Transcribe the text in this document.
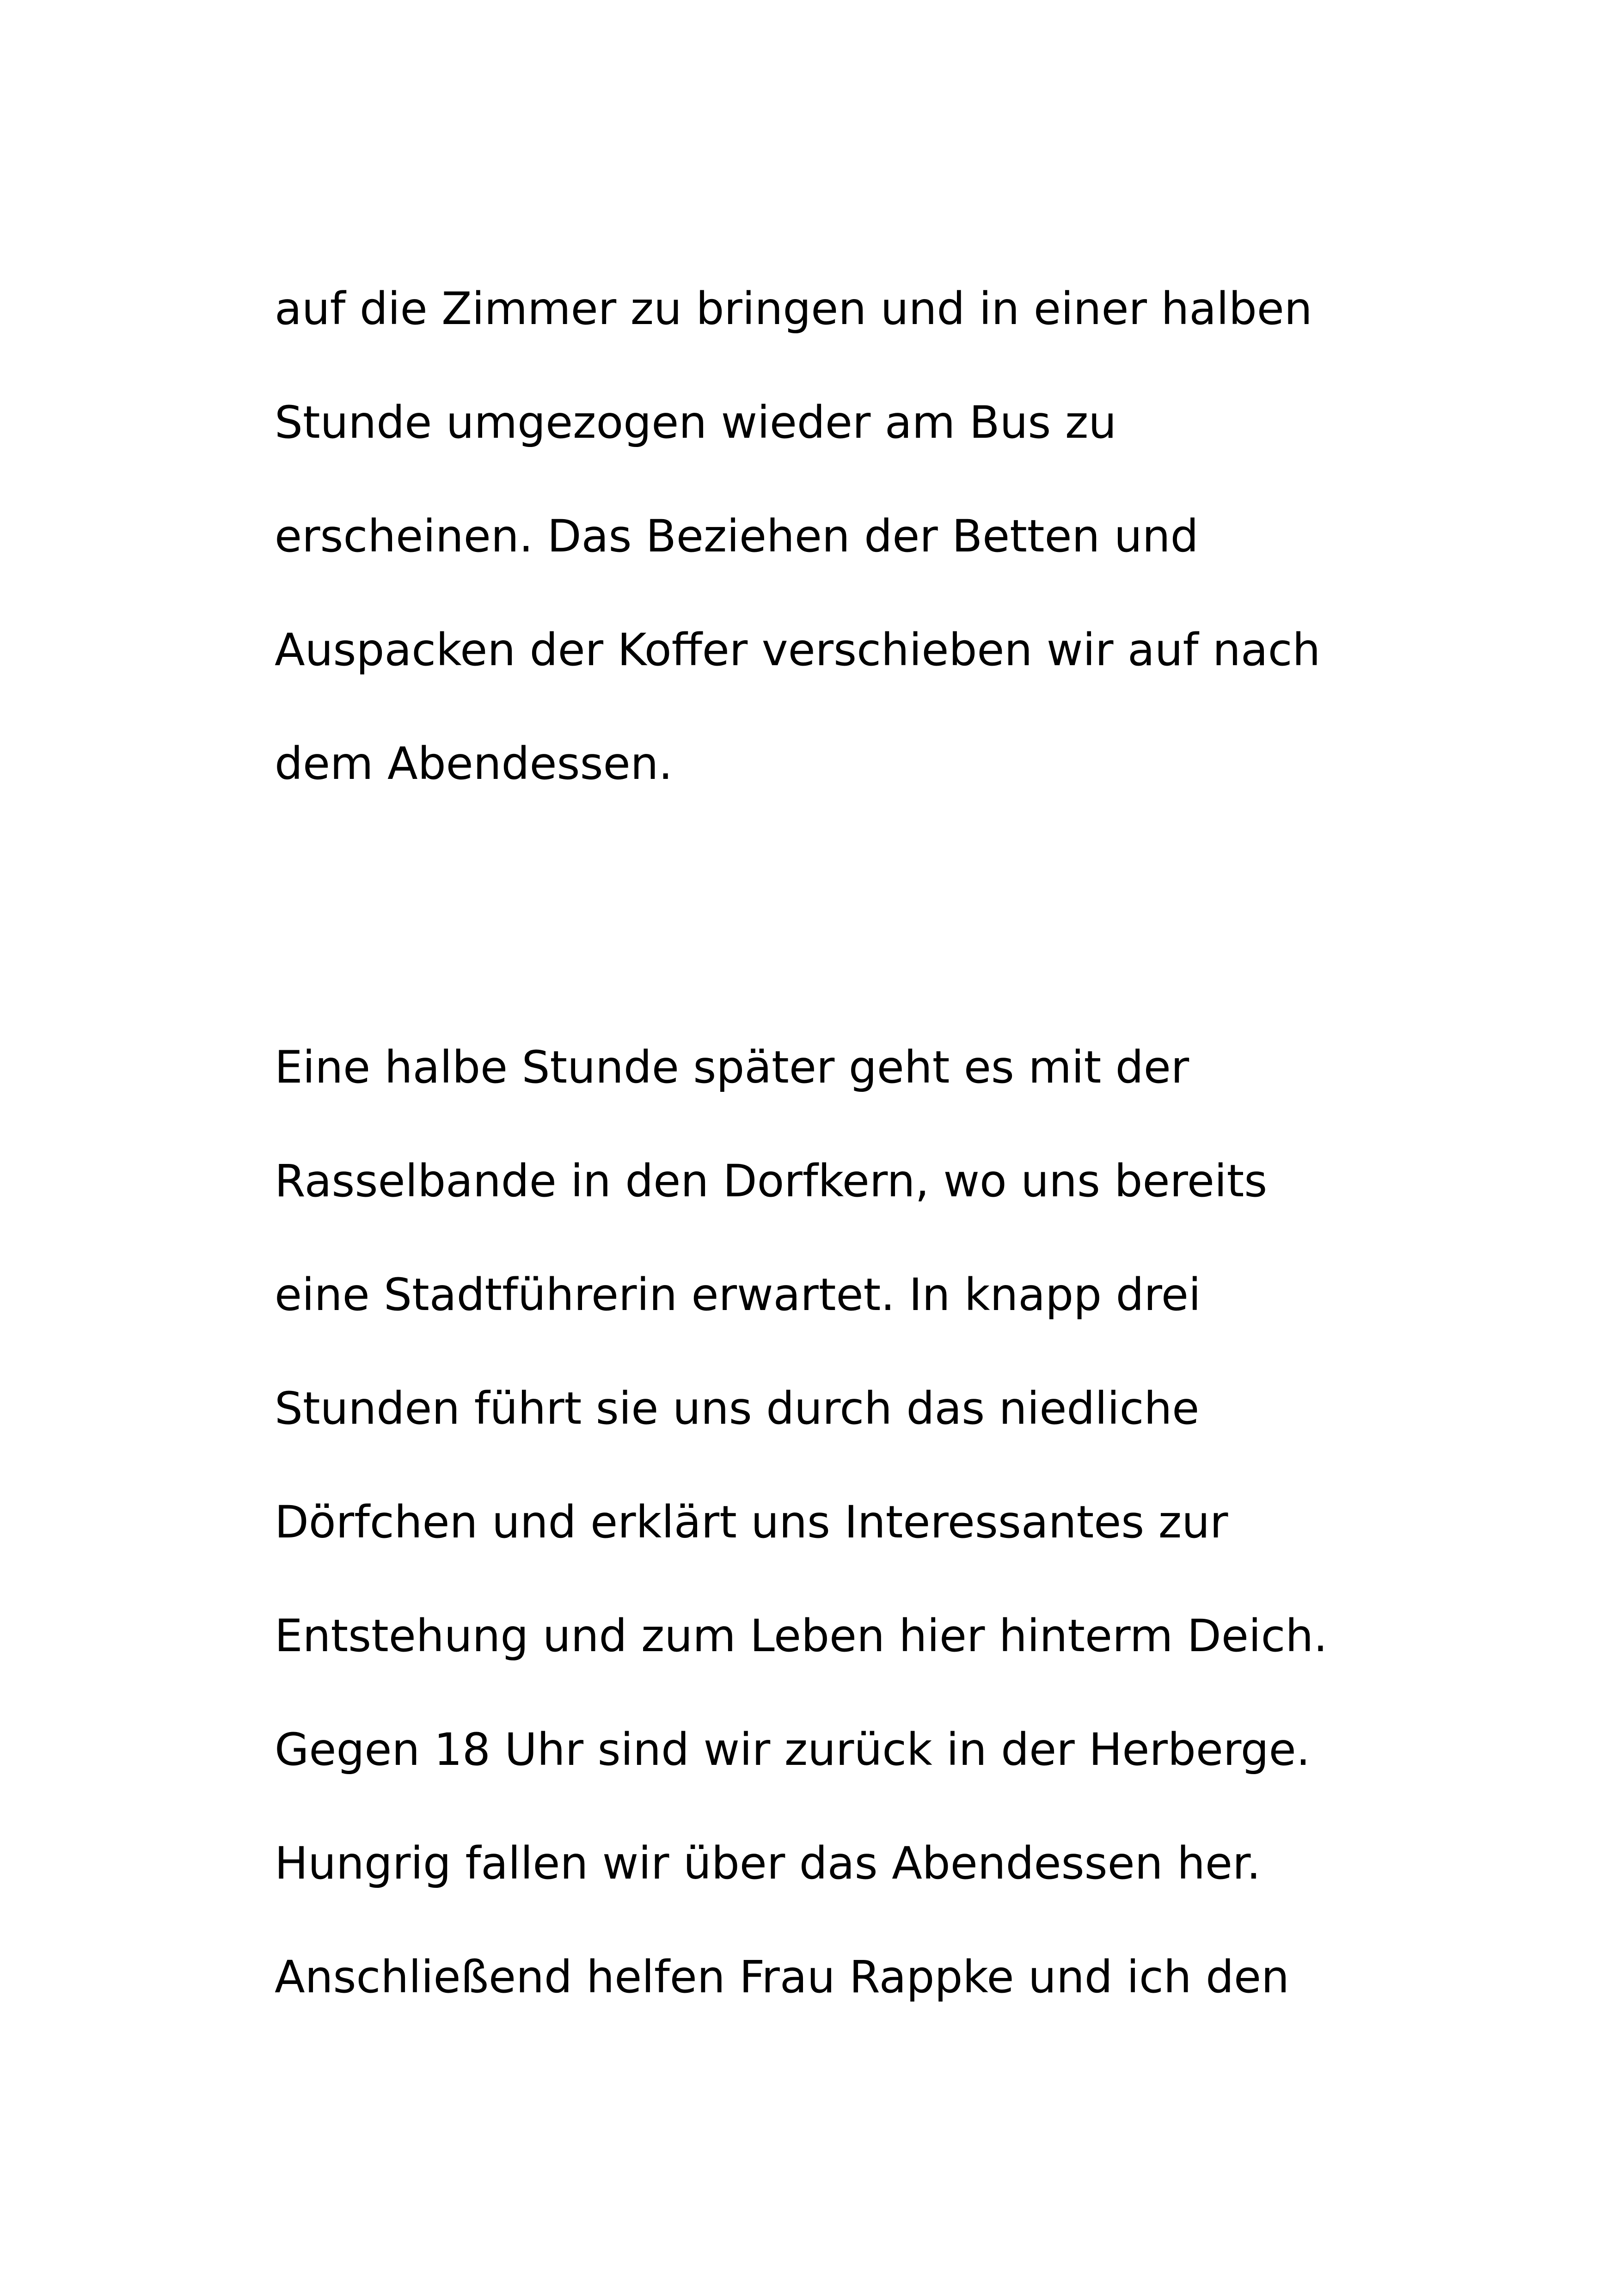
auf die Zimmer zu bringen und in einer halben
Stunde umgezogen wieder am Bus zu
erscheinen. Das Beziehen der Betten und
Auspacken der Koffer verschieben wir auf nach
dem Abendessen.

Eine halbe Stunde später geht es mit der
Rasselbande in den Dorfkern, wo uns bereits
eine Stadtführerin erwartet. In knapp drei
Stunden führt sie uns durch das niedliche
Dörfchen und erklärt uns Interessantes zur
Entstehung und zum Leben hier hinterm Deich.
Gegen 18 Uhr sind wir zurück in der Herberge.
Hungrig fallen wir über das Abendessen her.
Anschließend helfen Frau Rappke und ich den
